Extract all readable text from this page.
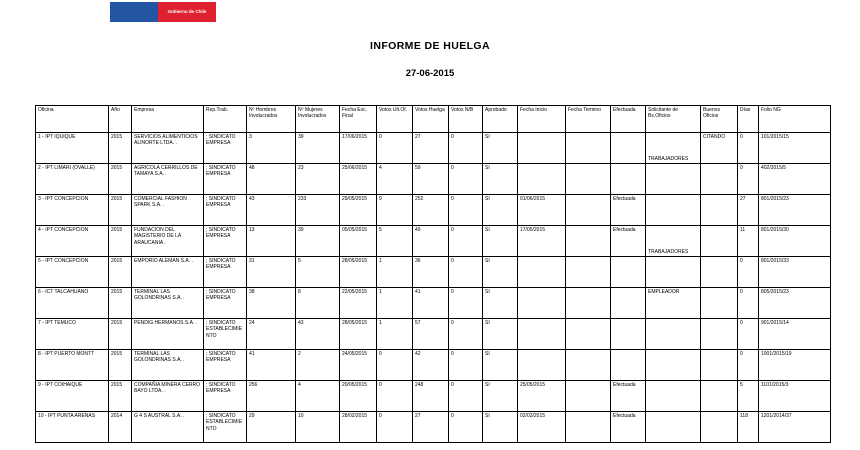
Gobierno de Chile
INFORME DE HUELGA
27-06-2015
Oficina	Año	Empresa	Rep.Trab.	Nº Hombres Involucrados	Nº Mujeres Involucrados	Fecha Esc. Final	Votos Ult.Of.	Votos Huelga	Votos N/B	Aprobado	Fecha Inicio	Fecha Termino	Efectuada	Solicitante de Bs.Oficios	Buenos Oficios	Días	Folio NG
1 - IPT IQUIQUE	2015	SERVICIOS ALIMENTICIOS ALINORTE LTDA. .	; SINDICATO EMPRESA	3	39	17/06/2015	0	27	0	SI				TRABAJADORES	CITANDO	0	101/2015/15
2 - IPT LIMARI (OVALLE)	2015	AGRICOLA CERRILLOS DE TAMAYA S.A. .	; SINDICATO EMPRESA	48	23	25/06/2015	4	59	0	SI						0	402/2015/5
3 - IPT CONCEPCION	2015	COMERCIAL FASHION SPARK S.A. .	; SINDICATO EMPRESA	43	233	29/05/2015	9	252	0	SI	01/06/2015		Efectuada			27	801/2015/23
4 - IPT CONCEPCION	2015	FUNDACION DEL MAGISTERIO DE LA ARAUCANIA .	; SINDICATO EMPRESA	13	39	05/05/2015	5	49	0	SI	17/05/2015		Efectuada	TRABAJADORES		11	801/2015/30
5 - IPT CONCEPCION	2015	EMPORIO ALEMAN S.A. .	; SINDICATO EMPRESA	31	5	28/05/2015	1	36	0	SI						0	801/2015/33
6 - ICT TALCAHUANO	2015	TERMINAL LAS GOLONDRINAS S.A. .	; SINDICATO EMPRESA	38	8	22/05/2015	1	41	0	SI				EMPLEADOR		0	805/2015/23
7 - IPT TEMUCO	2015	PENDIG HERMANOS S.A. .	; SINDICATO ESTABLECIMIENTO	24	43	28/05/2015	1	57	0	SI						0	901/2015/14
8 - IPT PUERTO MONTT	2015	TERMINAL LAS GOLONDRINAS S.A. .	; SINDICATO EMPRESA	41	2	24/05/2015	0	42	0	SI						0	1001/2015/19
9 - IPT COIHAIQUE	2015	COMPAÑIA MINERA CERRO BAYO LTDA. .	; SINDICATO EMPRESA	256	4	20/05/2015	0	248	0	SI	25/05/2015		Efectuada			5	1101/2015/3
10 - IPT PUNTA ARENAS	2014	G 4 S AUSTRAL S.A. .	; SINDICATO ESTABLECIMIENTO	29	10	28/02/2015	0	27	0	SI	02/03/2015		Efectuada			118	1201/2014/37
